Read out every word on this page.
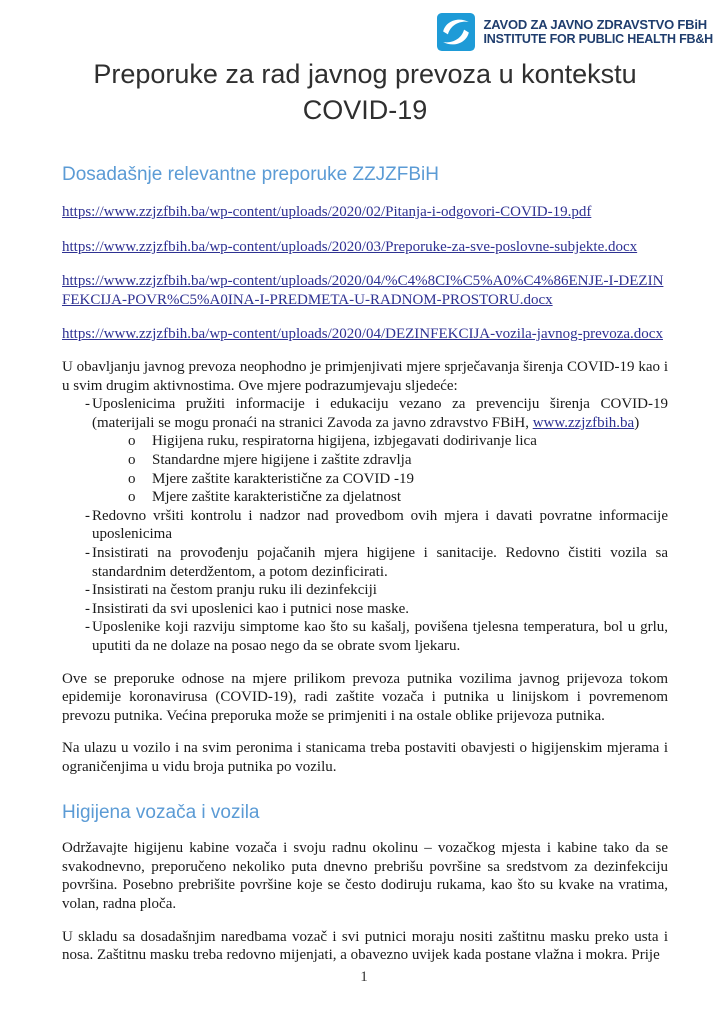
ZAVOD ZA JAVNO ZDRAVSTVO FBiH
INSTITUTE FOR PUBLIC HEALTH FB&H
Preporuke za rad javnog prevoza u kontekstu COVID-19
Dosadašnje relevantne preporuke ZZJZFBiH

https://www.zzjzfbih.ba/wp-content/uploads/2020/02/Pitanja-i-odgovori-COVID-19.pdf

https://www.zzjzfbih.ba/wp-content/uploads/2020/03/Preporuke-za-sve-poslovne-subjekte.docx

https://www.zzjzfbih.ba/wp-content/uploads/2020/04/%C4%8CI%C5%A0%C4%86ENJE-I-DEZINFEKCIJA-POVR%C5%A0INA-I-PREDMETA-U-RADNOM-PROSTORU.docx

https://www.zzjzfbih.ba/wp-content/uploads/2020/04/DEZINFEKCIJA-vozila-javnog-prevoza.docx

U obavljanju javnog prevoza neophodno je primjenjivati mjere sprječavanja širenja COVID-19 kao i u svim drugim aktivnostima. Ove mjere podrazumjevaju sljedeće:

- Uposlenicima pružiti informacije i edukaciju vezano za prevenciju širenja COVID-19 (materijali se mogu pronaći na stranici Zavoda za javno zdravstvo FBiH, www.zzjzfbih.ba)
o	Higijena ruku, respiratorna higijena, izbjegavati dodirivanje lica
o	Standardne mjere higijene i zaštite zdravlja
o	Mjere zaštite karakteristične za COVID -19
o	Mjere zaštite karakteristične za djelatnost
- Redovno vršiti kontrolu i nadzor nad provedbom ovih mjera i davati povratne informacije uposlenicima
- Insistirati na provođenju pojačanih mjera higijene i sanitacije. Redovno čistiti vozila sa standardnim deterdžentom, a potom dezinficirati.
- Insistirati na čestom pranju ruku ili dezinfekciji
- Insistirati da svi uposlenici kao i putnici nose maske.
- Uposlenike koji razviju simptome kao što su kašalj, povišena tjelesna temperatura, bol u grlu, uputiti da ne dolaze na posao nego da se obrate svom ljekaru.

Ove se preporuke odnose na mjere prilikom prevoza putnika vozilima javnog prijevoza tokom epidemije koronavirusa (COVID-19), radi zaštite vozača i putnika u linijskom i povremenom prevozu putnika. Većina preporuka može se primjeniti i na ostale oblike prijevoza putnika.

Na ulazu u vozilo i na svim peronima i stanicama treba postaviti obavjesti o higijenskim mjerama i ograničenjima u vidu broja putnika po vozilu.

Higijena vozača i vozila

Održavajte higijenu kabine vozača i svoju radnu okolinu – vozačkog mjesta i kabine tako da se svakodnevno, preporučeno nekoliko puta dnevno prebrišu površine sa sredstvom za dezinfekciju površina. Posebno prebrišite površine koje se često dodiruju rukama, kao što su kvake na vratima, volan, radna ploča.

U skladu sa dosadašnjim naredbama vozač i svi putnici moraju nositi zaštitnu masku preko usta i nosa. Zaštitnu masku treba redovno mijenjati, a obavezno uvijek kada postane vlažna i mokra. Prije

1
